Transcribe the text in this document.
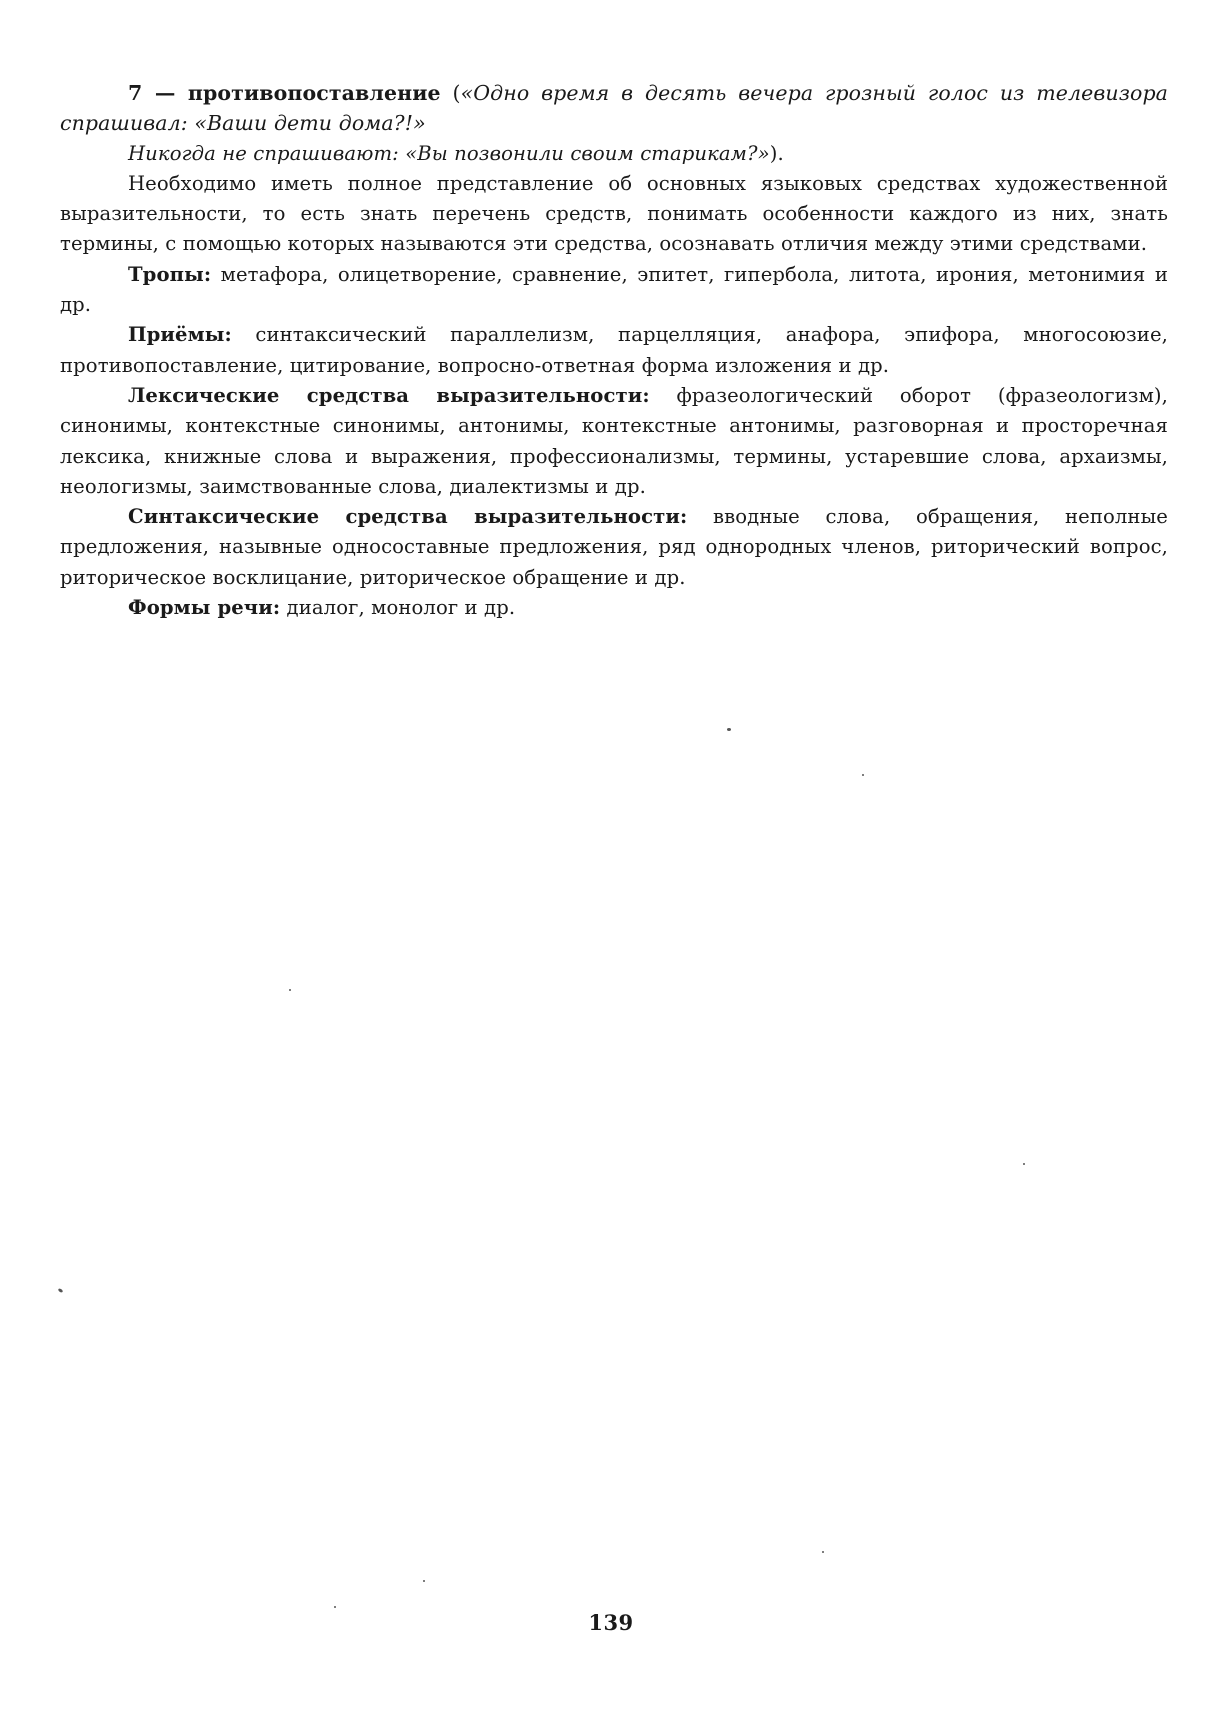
7 — противопоставление («Одно время в десять вечера грозный голос из телевизора спрашивал: «Ваши дети дома?!»

Никогда не спрашивают: «Вы позвонили своим старикам?»).

Необходимо иметь полное представление об основных языковых средствах художественной выразительности, то есть знать перечень средств, понимать особенности каждого из них, знать термины, с помощью которых называются эти средства, осознавать отличия между этими средствами.

Тропы: метафора, олицетворение, сравнение, эпитет, гипербола, литота, ирония, метонимия и др.

Приёмы: синтаксический параллелизм, парцелляция, анафора, эпифора, многосоюзие, противопоставление, цитирование, вопросно-ответная форма изложения и др.

Лексические средства выразительности: фразеологический оборот (фразеологизм), синонимы, контекстные синонимы, антонимы, контекстные антонимы, разговорная и просторечная лексика, книжные слова и выражения, профессионализмы, термины, устаревшие слова, архаизмы, неологизмы, заимствованные слова, диалектизмы и др.

Синтаксические средства выразительности: вводные слова, обращения, неполные предложения, назывные односоставные предложения, ряд однородных членов, риторический вопрос, риторическое восклицание, риторическое обращение и др.

Формы речи: диалог, монолог и др.

139
